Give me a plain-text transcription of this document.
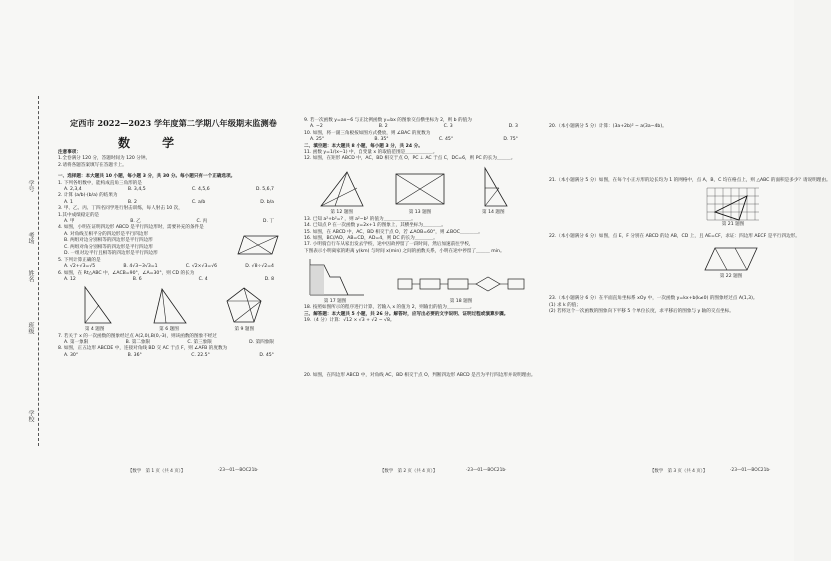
学号
考场
姓名
班级
学校
定西市 2022—2023 学年度第二学期八年级期末监测卷
数 学
注意事项：
1.全卷满分 120 分，答题时间为 120 分钟。
2.请将各题答案填写在答题卡上。
一、选择题：本大题共 10 小题，每小题 3 分，共 30 分。每小题只有一个正确选项。
1. 下列各组数中，能构成直角三角形的是
A. 2,3,4	B. 3,4,5	C. 4,5,6	D. 5,6,7
2. 计算 (a/b)·(b/a) 的结果为
A. 1	B. 2	C. a/b	D. b/a
3. 甲、乙、丙、丁四名同学进行射击训练，每人射击 10 次，
1.其中成绩稳定的是
A. 甲	B. 乙	C. 丙	D. 丁
4. 如图，小明在证明四边形 ABCD 是平行四边形时，需要补充的条件是
A. 对角线互相平分的四边形是平行四边形
B. 两组对边分别相等的四边形是平行四边形
C. 两组对角分别相等的四边形是平行四边形
D. 一组对边平行且相等的四边形是平行四边形
5. 下列计算正确的是
A. √2+√3=√5	B. 4√3−3√3=1	C. √2×√3=√6	D. √8÷√2=4
6. 如图，在 Rt△ABC 中，∠ACB=90°，∠A=30°，则 CD 的长为
A. 12	B. 6	C. 4	D. 8
第 4 题图	第 6 题图	第 9 题图
7. 若关于 x 的一次函数的图象经过点 A(2,0),B(0,-3)，则该函数的图象不经过
A. 第一象限	B. 第二象限	C. 第三象限	D. 第四象限
8. 如图，正五边形 ABCDE 中，连接对角线 BD 交 AC 于点 F，则 ∠AFB 的度数为
A. 30°	B. 36°	C. 22.5°	D. 45°
9. 若一次函数 y=ax−6 与正比例函数 y=bx 的图象交点横坐标为 2，则 b 的值为
A. −2	B. 2	C. 3	D. 3
10. 如图，将一副三角板按如图方式叠放，则 ∠BAC 的度数为
A. 25°	B. 35°	C. 45°	D. 75°
二、填空题：本大题共 8 小题，每小题 3 分，共 24 分。
11. 函数 y=1/(x−1) 中，自变量 x 的取值范围是＿＿＿＿＿＿。
12. 如图，在矩形 ABCD 中，AC，BD 相交于点 O，PC ⊥ AC 于点 C，DC=6，则 PC 的长为＿＿＿。
第 12 题图	第 13 题图	第 14 题图
13. 已知 a²+b²=? ，则 a²−b² 的值为＿＿＿＿＿＿。
14. 已知点 P 在一次函数 y=2x+1 的图象上，其横坐标为＿＿＿＿。
15. 如图，在 ABCD 中，AC，BD 相交于点 O，若 ∠AOB=60°，则 ∠BOC＿＿＿＿。
16. 如图，BC//AD，AB=CD，AD=4，则 DC 的长为＿＿＿＿。
17. 小明骑自行车从家出发去学校，途中因故停留了一段时间，然后加速前往学校，
下图表示小明离家的距离 y(km) 与时间 x(min) 之间的函数关系，小明在途中停留了＿＿＿ min。
第 17 题图	第 18 题图
18. 按照如图所示的程序进行计算，若输入 x 的值为 2，则输出的值为＿＿＿＿＿。
三、解答题：本大题共 5 小题，共 26 分。解答时，应写出必要的文字说明、证明过程或演算步骤。
19.（4 分）计算：√12 × √3 + √2 − √8。
20. 如图，在四边形 ABCD 中，对角线 AC，BD 相交于点 O，判断四边形 ABCD 是否为平行四边形并说明理由。
20.（本小题满分 5 分）计算：(3a+2b)² − a(3a−4b)。
21.（本小题满分 5 分）如图，在每个小正方形的边长均为 1 的网格中，点 A，B，C 均在格点上，则 △ABC 的面积是多少？请说明理由。
第 21 题图
22.（本小题满分 6 分）如图，点 E，F 分别在 ABCD 的边 AB，CD 上，且 AE=CF，求证：四边形 AECF 是平行四边形。
第 22 题图
23.（本小题满分 6 分）在平面直角坐标系 xOy 中，一次函数 y=kx+b(k≠0) 的图象经过点 A(1,3)。
(1) 求 k 的值；
(2) 若将这个一次函数的图象向下平移 5 个单位长度，求平移后的图象与 y 轴的交点坐标。
【数学　第 1 页（共 4 页）】	·23—01—BOC21b·	【数学　第 2 页（共 4 页）】	·23—01—BOC21b·	【数学　第 3 页（共 4 页）】	·23—01—BOC21b·
